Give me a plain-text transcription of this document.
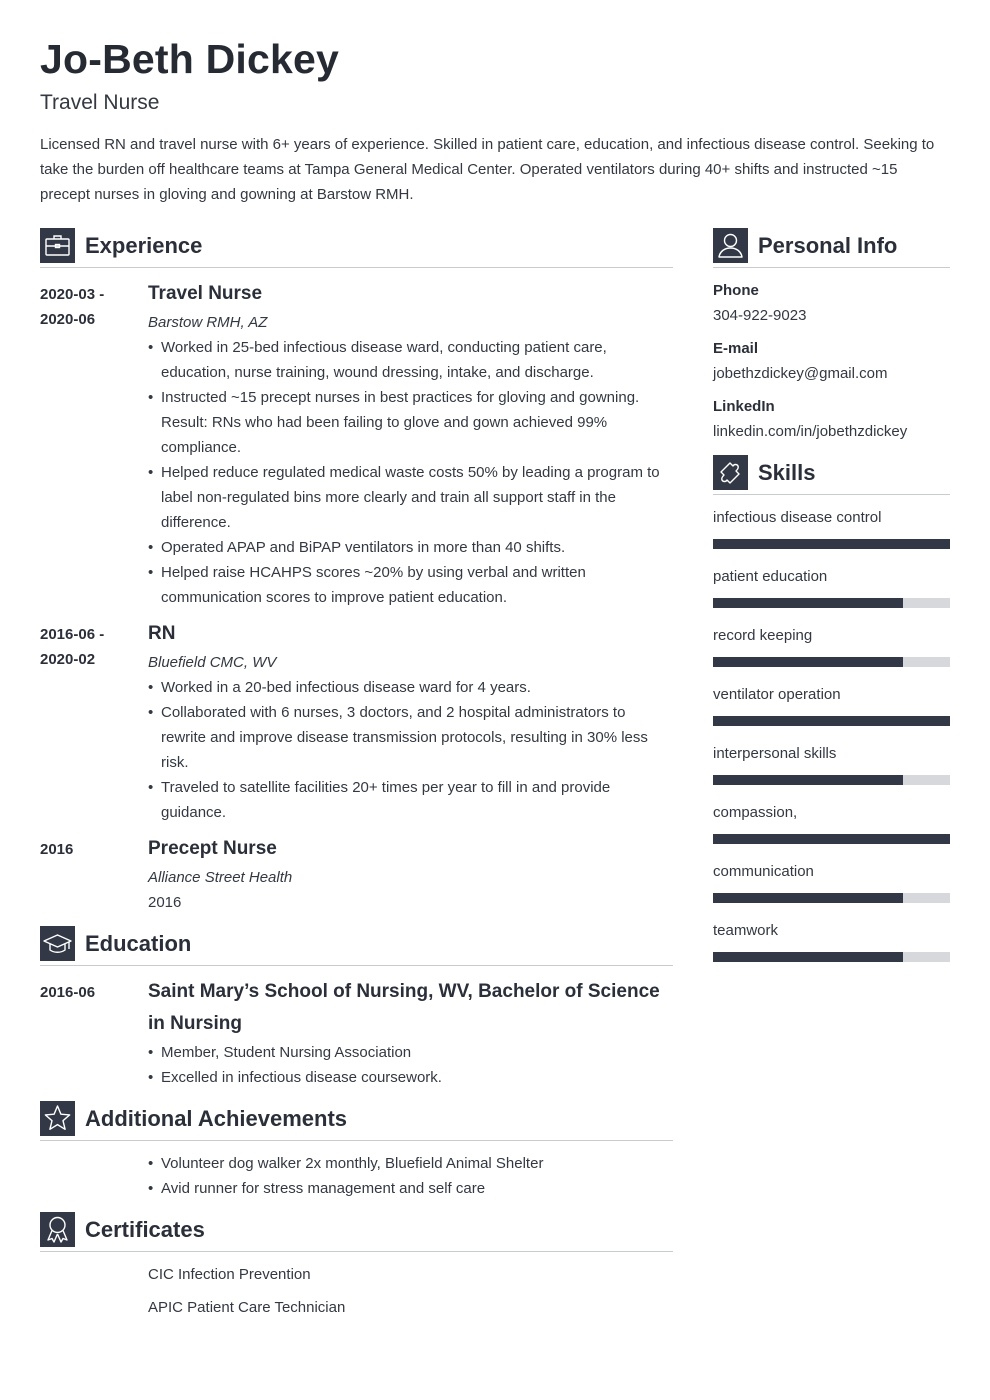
Jo-Beth Dickey
Travel Nurse
Licensed RN and travel nurse with 6+ years of experience. Skilled in patient care, education, and infectious disease control. Seeking to take the burden off healthcare teams at Tampa General Medical Center. Operated ventilators during 40+ shifts and instructed ~15 precept nurses in gloving and gowning at Barstow RMH.
Experience
2020-03 - 2020-06
Travel Nurse
Barstow RMH, AZ
• Worked in 25-bed infectious disease ward, conducting patient care, education, nurse training, wound dressing, intake, and discharge.
• Instructed ~15 precept nurses in best practices for gloving and gowning. Result: RNs who had been failing to glove and gown achieved 99% compliance.
• Helped reduce regulated medical waste costs 50% by leading a program to label non-regulated bins more clearly and train all support staff in the difference.
• Operated APAP and BiPAP ventilators in more than 40 shifts.
• Helped raise HCAHPS scores ~20% by using verbal and written communication scores to improve patient education.
2016-06 - 2020-02
RN
Bluefield CMC, WV
• Worked in a 20-bed infectious disease ward for 4 years.
• Collaborated with 6 nurses, 3 doctors, and 2 hospital administrators to rewrite and improve disease transmission protocols, resulting in 30% less risk.
• Traveled to satellite facilities 20+ times per year to fill in and provide guidance.
2016	Precept Nurse
Alliance Street Health
2016
Education
2016-06	Saint Mary’s School of Nursing, WV, Bachelor of Science in Nursing
• Member, Student Nursing Association
• Excelled in infectious disease coursework.
Additional Achievements
• Volunteer dog walker 2x monthly, Bluefield Animal Shelter
• Avid runner for stress management and self care
Certificates
CIC Infection Prevention
APIC Patient Care Technician
Personal Info
Phone
304-922-9023
E-mail
jobethzdickey@gmail.com
LinkedIn
linkedin.com/in/jobethzdickey
Skills
infectious disease control
patient education
record keeping
ventilator operation
interpersonal skills
compassion,
communication
teamwork
